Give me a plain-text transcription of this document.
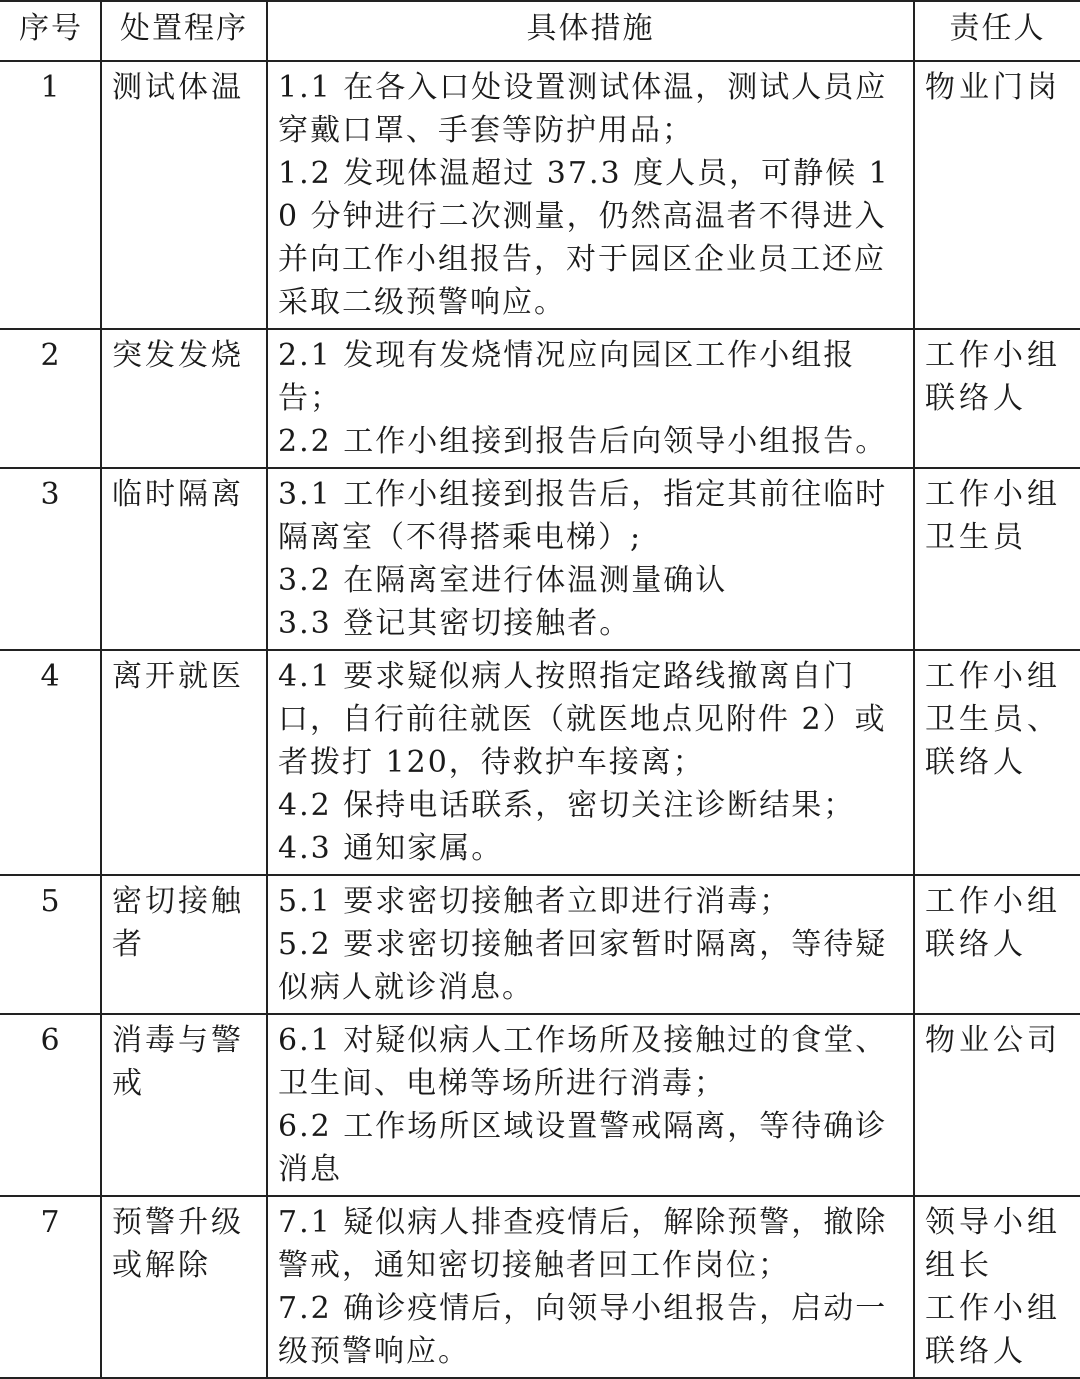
序号	处置程序	具体措施	责任人
1	测试体温	1.1 在各入口处设置测试体温，测试人员应穿戴口罩、手套等防护用品；
1.2 发现体温超过 37.3 度人员，可静候 10 分钟进行二次测量，仍然高温者不得进入并向工作小组报告，对于园区企业员工还应采取二级预警响应。	物业门岗

2	突发发烧	2.1 发现有发烧情况应向园区工作小组报告；
2.2 工作小组接到报告后向领导小组报告。	工作小组
联络人

3	临时隔离	3.1 工作小组接到报告后，指定其前往临时隔离室（不得搭乘电梯）;
3.2 在隔离室进行体温测量确认
3.3 登记其密切接触者。	工作小组
卫生员

4	离开就医	4.1 要求疑似病人按照指定路线撤离自门口，自行前往就医（就医地点见附件 2）或者拨打 120，待救护车接离；
4.2 保持电话联系，密切关注诊断结果；
4.3 通知家属。	工作小组
卫生员、
联络人

5	密切接触者	5.1 要求密切接触者立即进行消毒；
5.2 要求密切接触者回家暂时隔离，等待疑似病人就诊消息。	工作小组
联络人

6	消毒与警戒	6.1 对疑似病人工作场所及接触过的食堂、卫生间、电梯等场所进行消毒；
6.2 工作场所区域设置警戒隔离，等待确诊消息	物业公司

7	预警升级或解除	7.1 疑似病人排查疫情后，解除预警，撤除警戒，通知密切接触者回工作岗位；
7.2 确诊疫情后，向领导小组报告，启动一级预警响应。	领导小组
组长
工作小组
联络人
